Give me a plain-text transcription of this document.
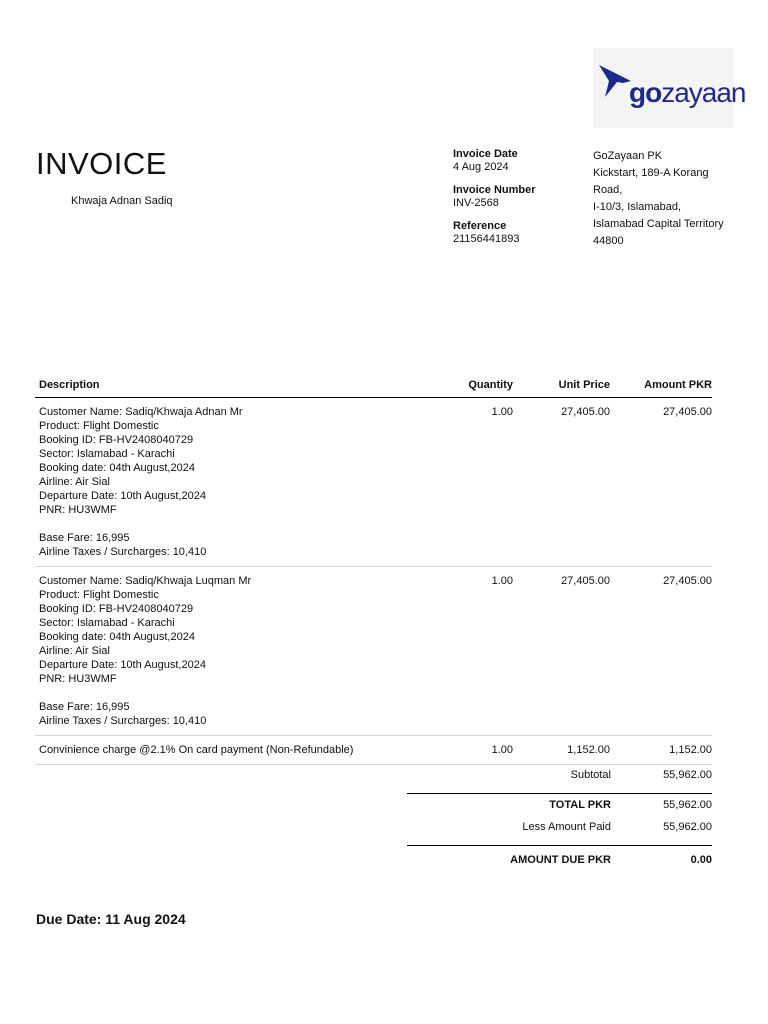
gozayaan
INVOICE
Khwaja Adnan Sadiq
Invoice Date
4 Aug 2024
Invoice Number
INV-2568
Reference
21156441893
GoZayaan PK
Kickstart, 189-A Korang
Road,
I-10/3, Islamabad,
Islamabad Capital Territory
44800
Description	Quantity	Unit Price	Amount PKR
Customer Name: Sadiq/Khwaja Adnan Mr
Product: Flight Domestic
Booking ID: FB-HV2408040729
Sector: Islamabad - Karachi
Booking date: 04th August,2024
Airline: Air Sial
Departure Date: 10th August,2024
PNR: HU3WMF
Base Fare: 16,995
Airline Taxes / Surcharges: 10,410
1.00	27,405.00	27,405.00
Customer Name: Sadiq/Khwaja Luqman Mr
Product: Flight Domestic
Booking ID: FB-HV2408040729
Sector: Islamabad - Karachi
Booking date: 04th August,2024
Airline: Air Sial
Departure Date: 10th August,2024
PNR: HU3WMF
Base Fare: 16,995
Airline Taxes / Surcharges: 10,410
1.00	27,405.00	27,405.00
Convinience charge @2.1% On card payment (Non-Refundable)	1.00	1,152.00	1,152.00
Subtotal	55,962.00
TOTAL PKR	55,962.00
Less Amount Paid	55,962.00
AMOUNT DUE PKR	0.00
Due Date: 11 Aug 2024
